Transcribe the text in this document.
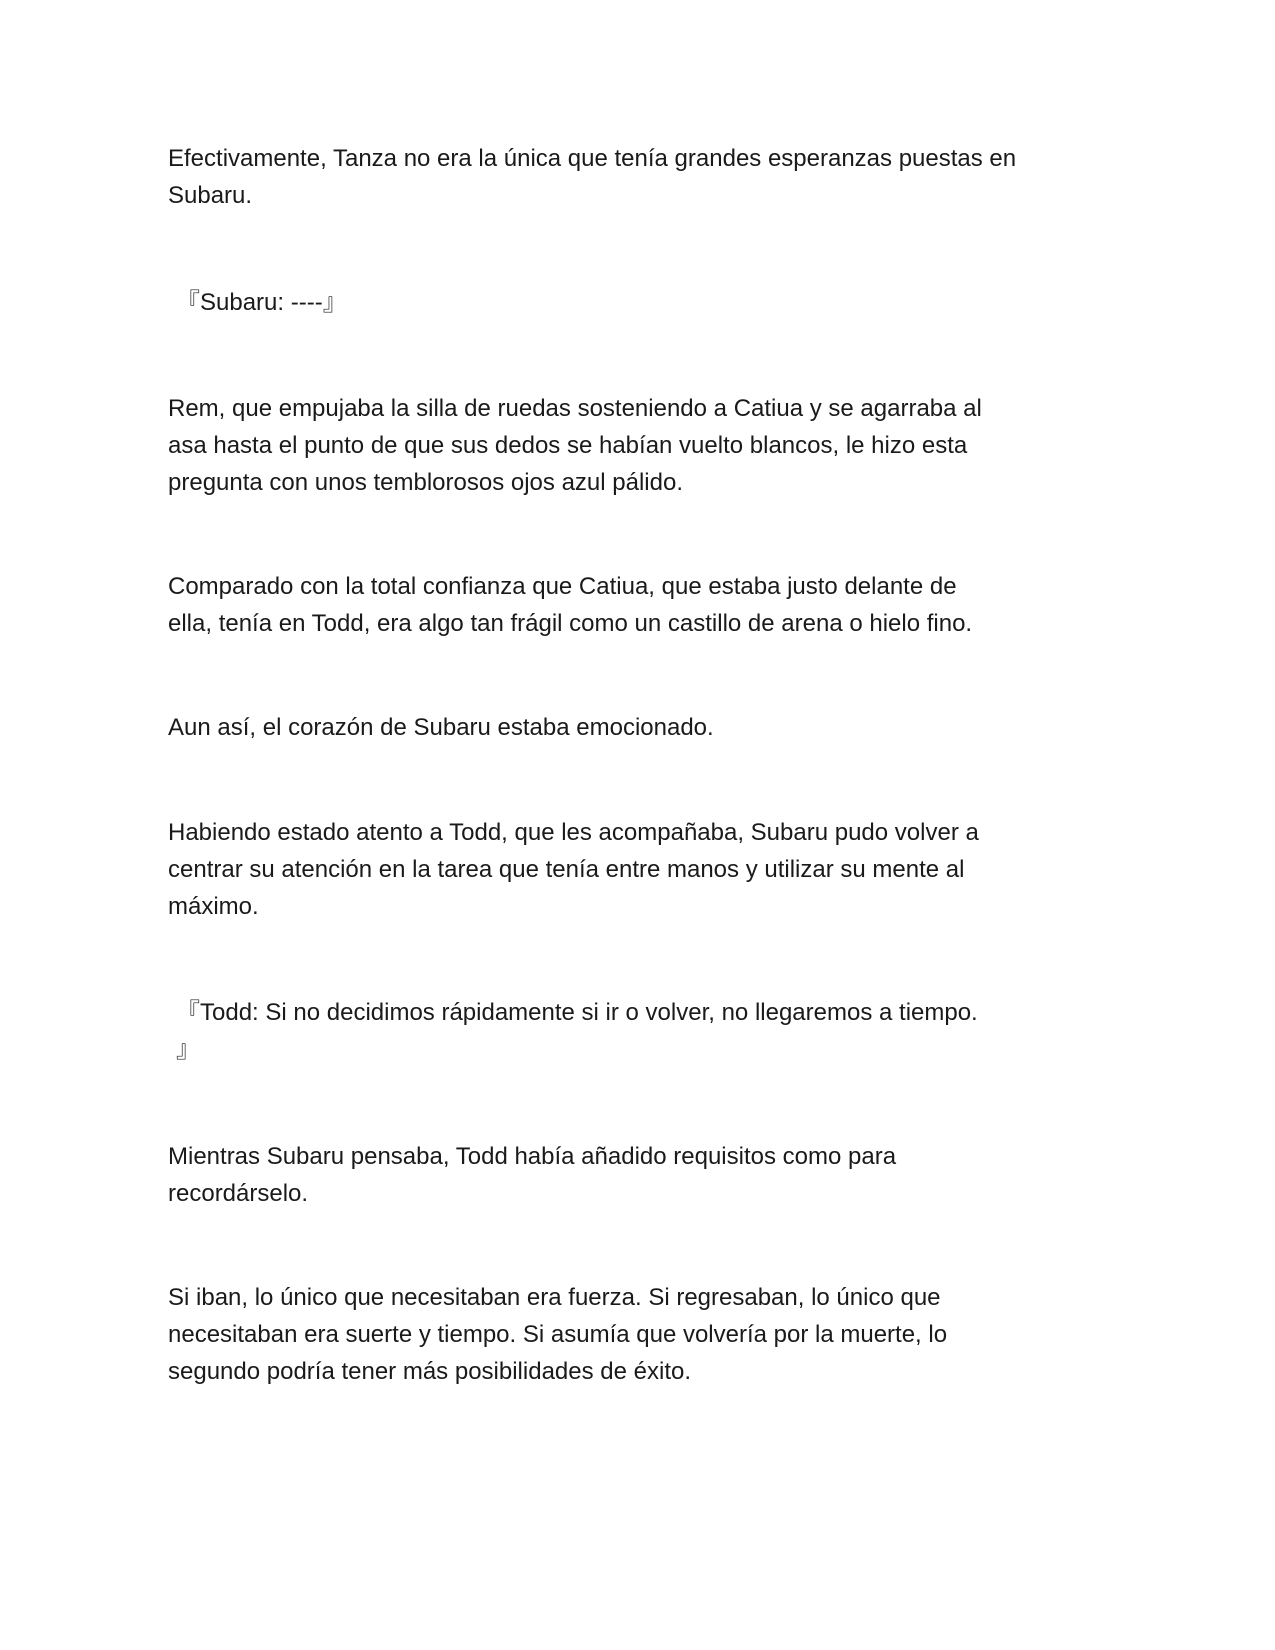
Efectivamente, Tanza no era la única que tenía grandes esperanzas puestas en
Subaru.

『Subaru: ----』

Rem, que empujaba la silla de ruedas sosteniendo a Catiua y se agarraba al
asa hasta el punto de que sus dedos se habían vuelto blancos, le hizo esta
pregunta con unos temblorosos ojos azul pálido.

Comparado con la total confianza que Catiua, que estaba justo delante de
ella, tenía en Todd, era algo tan frágil como un castillo de arena o hielo fino.

Aun así, el corazón de Subaru estaba emocionado.

Habiendo estado atento a Todd, que les acompañaba, Subaru pudo volver a
centrar su atención en la tarea que tenía entre manos y utilizar su mente al
máximo.

『Todd: Si no decidimos rápidamente si ir o volver, no llegaremos a tiempo.
』

Mientras Subaru pensaba, Todd había añadido requisitos como para
recordárselo.

Si iban, lo único que necesitaban era fuerza. Si regresaban, lo único que
necesitaban era suerte y tiempo. Si asumía que volvería por la muerte, lo
segundo podría tener más posibilidades de éxito.
